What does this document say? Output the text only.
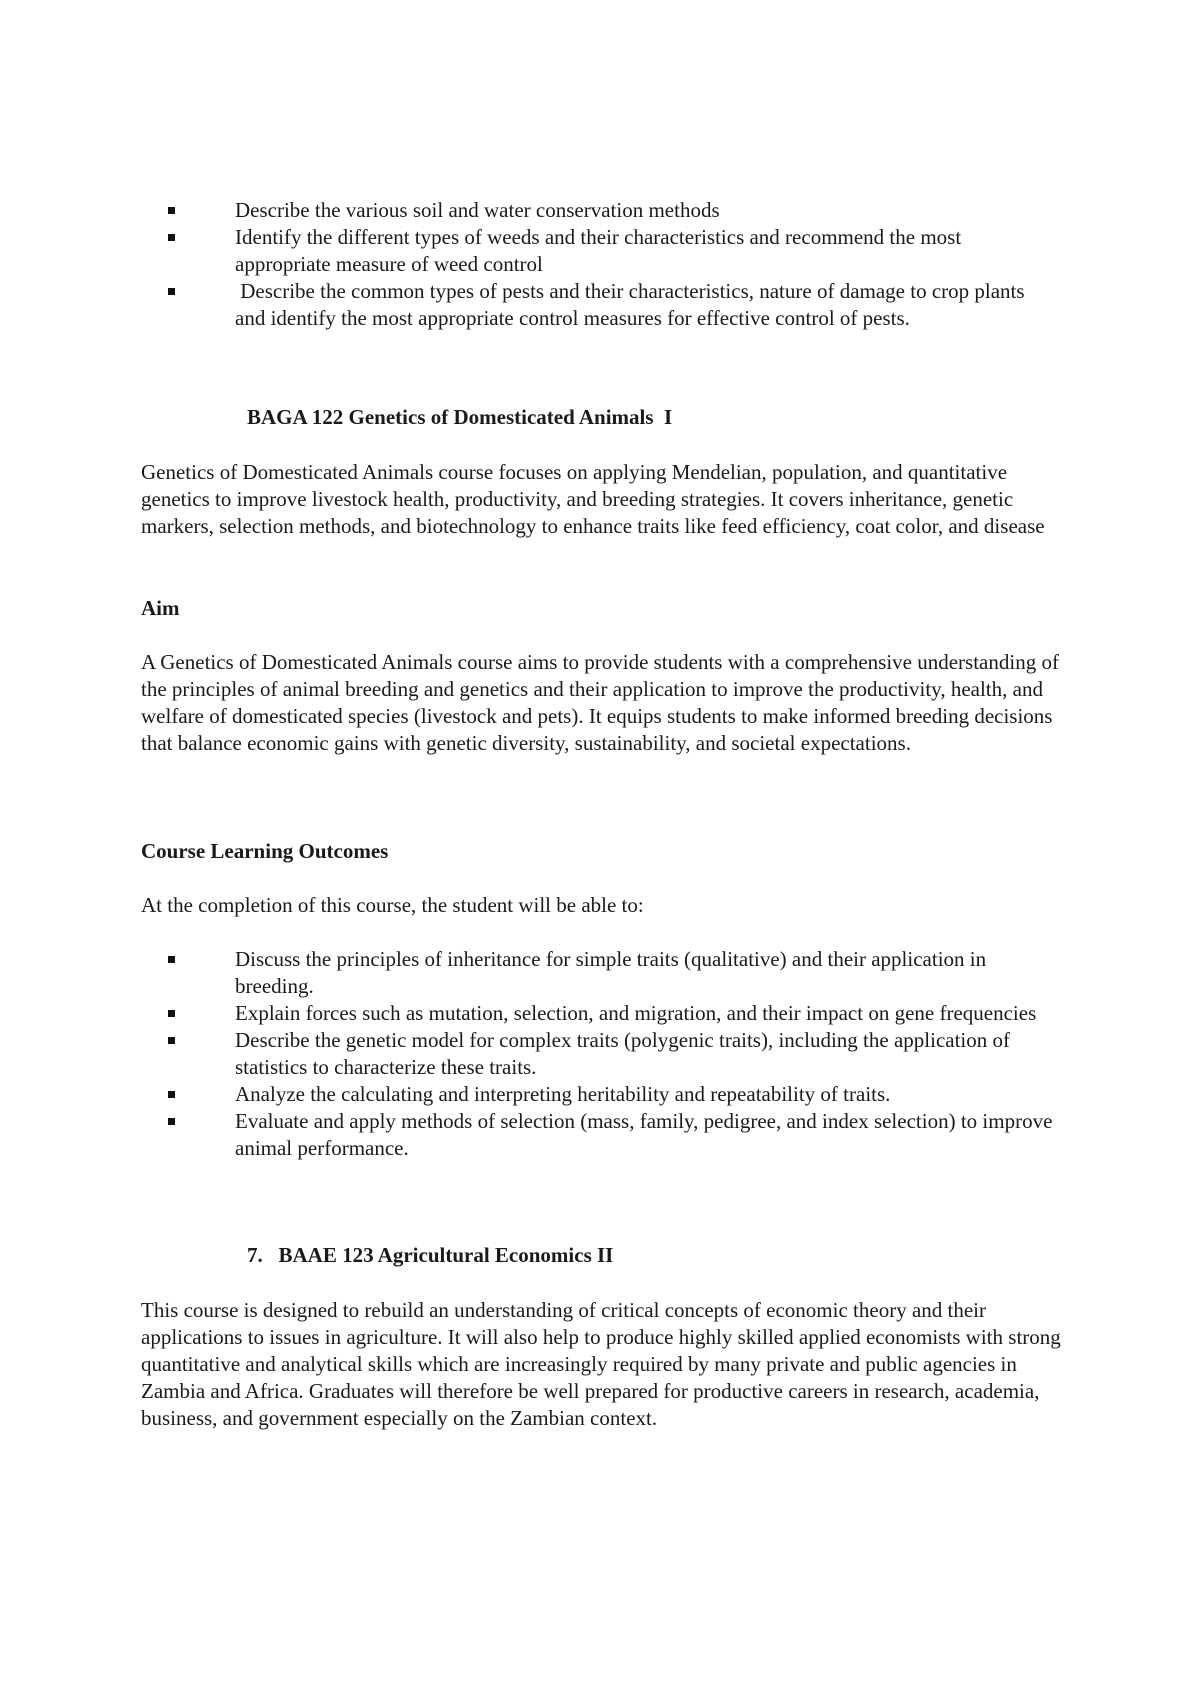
Describe the various soil and water conservation methods
Identify the different types of weeds and their characteristics and recommend the most appropriate measure of weed control
Describe the common types of pests and their characteristics, nature of damage to crop plants and identify the most appropriate control measures for effective control of pests.
BAGA 122 Genetics of Domesticated Animals  I

Genetics of Domesticated Animals course focuses on applying Mendelian, population, and quantitative genetics to improve livestock health, productivity, and breeding strategies. It covers inheritance, genetic markers, selection methods, and biotechnology to enhance traits like feed efficiency, coat color, and disease

Aim

A Genetics of Domesticated Animals course aims to provide students with a comprehensive understanding of the principles of animal breeding and genetics and their application to improve the productivity, health, and welfare of domesticated species (livestock and pets). It equips students to make informed breeding decisions that balance economic gains with genetic diversity, sustainability, and societal expectations.

Course Learning Outcomes
At the completion of this course, the student will be able to:
Discuss the principles of inheritance for simple traits (qualitative) and their application in breeding.
Explain forces such as mutation, selection, and migration, and their impact on gene frequencies
Describe the genetic model for complex traits (polygenic traits), including the application of statistics to characterize these traits.
Analyze the calculating and interpreting heritability and repeatability of traits.
Evaluate and apply methods of selection (mass, family, pedigree, and index selection) to improve animal performance.
7. BAAE 123 Agricultural Economics II

This course is designed to rebuild an understanding of critical concepts of economic theory and their applications to issues in agriculture. It will also help to produce highly skilled applied economists with strong quantitative and analytical skills which are increasingly required by many private and public agencies in Zambia and Africa. Graduates will therefore be well prepared for productive careers in research, academia, business, and government especially on the Zambian context.
